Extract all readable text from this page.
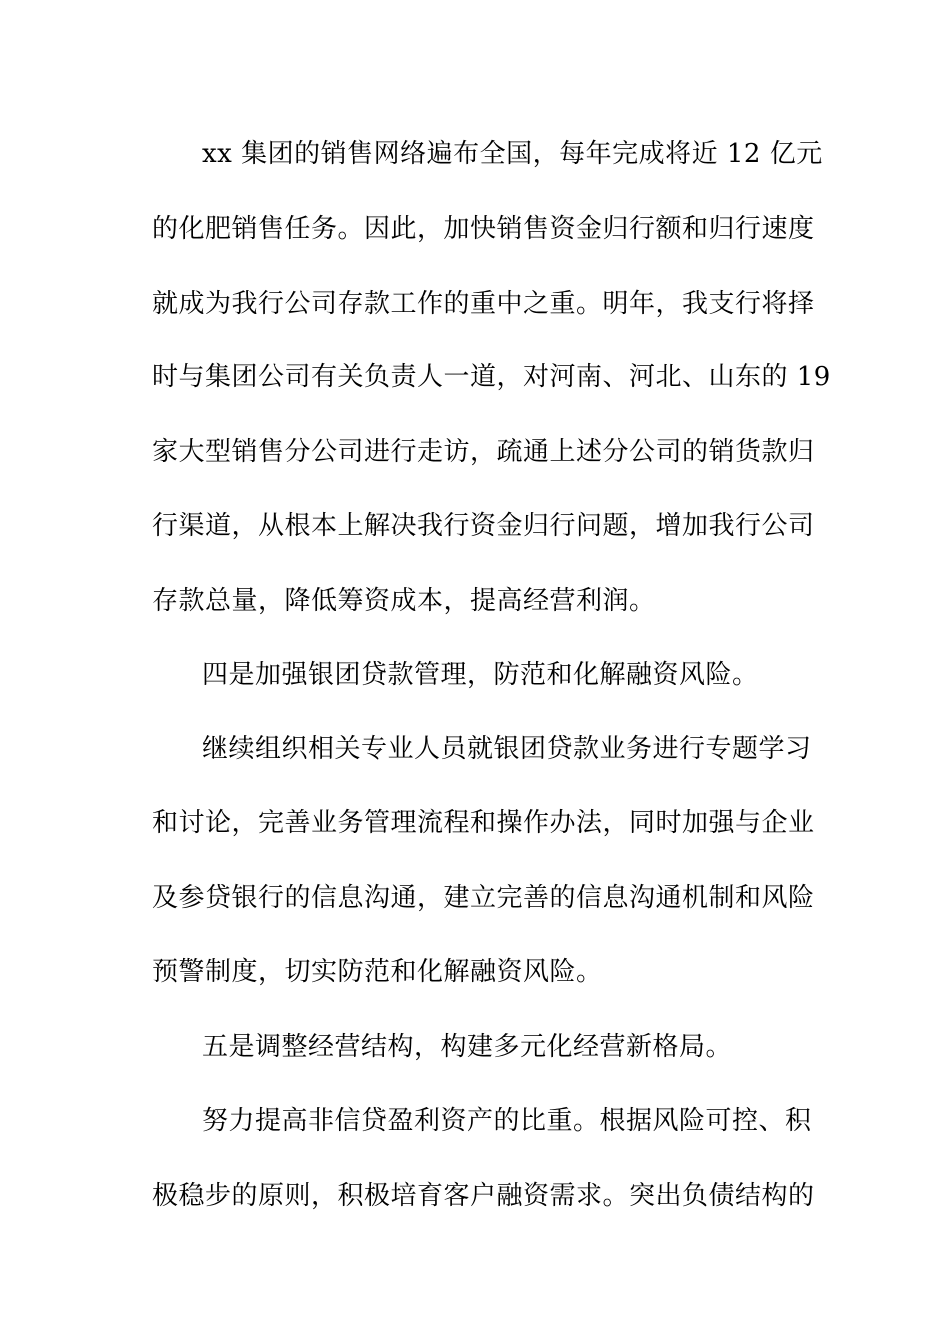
xx 集团的销售网络遍布全国，每年完成将近 12 亿元
的化肥销售任务。因此，加快销售资金归行额和归行速度
就成为我行公司存款工作的重中之重。明年，我支行将择
时与集团公司有关负责人一道，对河南、河北、山东的 19
家大型销售分公司进行走访，疏通上述分公司的销货款归
行渠道，从根本上解决我行资金归行问题，增加我行公司
存款总量，降低筹资成本，提高经营利润。
四是加强银团贷款管理，防范和化解融资风险。
继续组织相关专业人员就银团贷款业务进行专题学习
和讨论，完善业务管理流程和操作办法，同时加强与企业
及参贷银行的信息沟通，建立完善的信息沟通机制和风险
预警制度，切实防范和化解融资风险。
五是调整经营结构，构建多元化经营新格局。
努力提高非信贷盈利资产的比重。根据风险可控、积
极稳步的原则，积极培育客户融资需求。突出负债结构的
